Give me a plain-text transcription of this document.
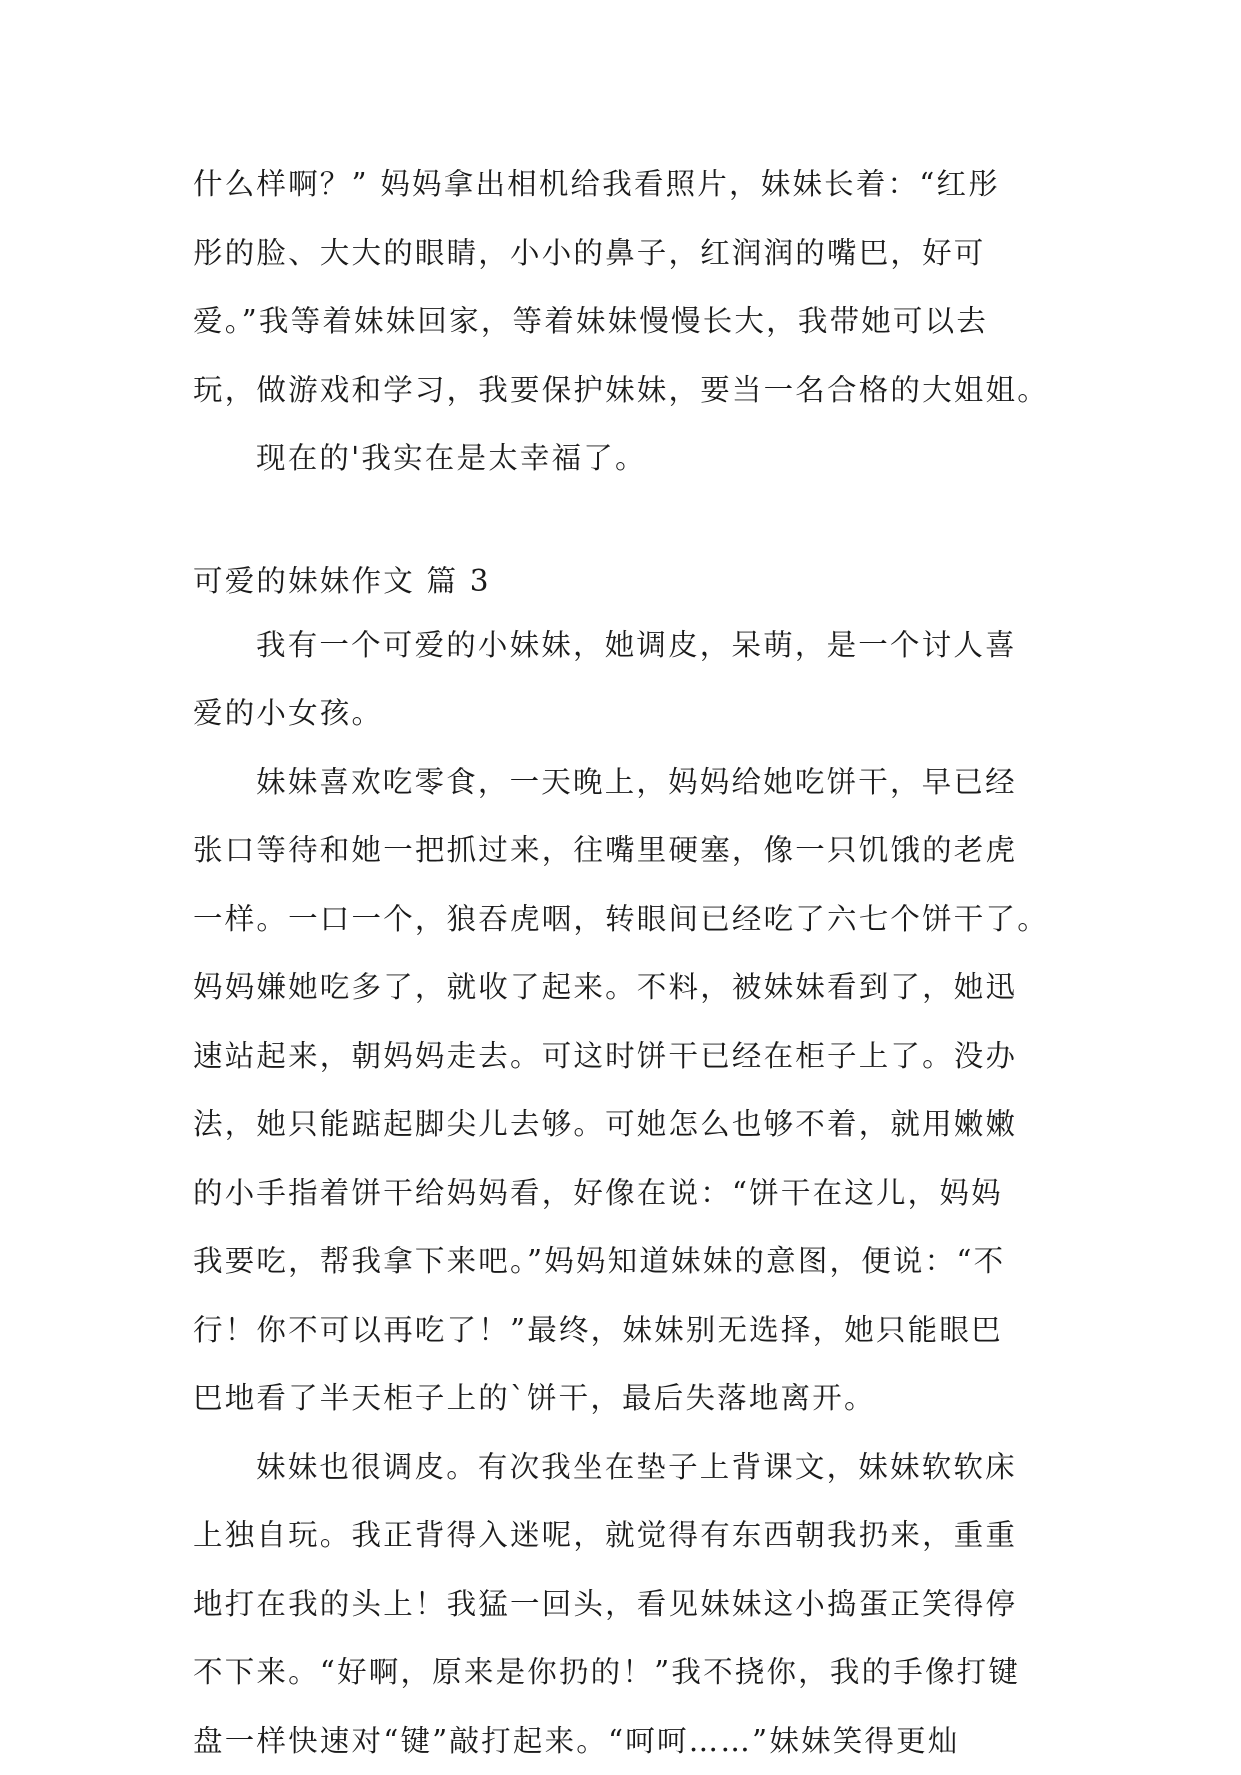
什么样啊？” 妈妈拿出相机给我看照片，妹妹长着：“红彤
彤的脸、大大的眼睛，小小的鼻子，红润润的嘴巴，好可
爱。”我等着妹妹回家，等着妹妹慢慢长大，我带她可以去
玩，做游戏和学习，我要保护妹妹，要当一名合格的大姐姐。
现在的'我实在是太幸福了。
可爱的妹妹作文 篇 3
我有一个可爱的小妹妹，她调皮，呆萌，是一个讨人喜
爱的小女孩。
妹妹喜欢吃零食，一天晚上，妈妈给她吃饼干，早已经
张口等待和她一把抓过来，往嘴里硬塞，像一只饥饿的老虎
一样。一口一个，狼吞虎咽，转眼间已经吃了六七个饼干了。
妈妈嫌她吃多了，就收了起来。不料，被妹妹看到了，她迅
速站起来，朝妈妈走去。可这时饼干已经在柜子上了。没办
法，她只能踮起脚尖儿去够。可她怎么也够不着，就用嫩嫩
的小手指着饼干给妈妈看，好像在说：“饼干在这儿，妈妈
我要吃，帮我拿下来吧。”妈妈知道妹妹的意图，便说：“不
行！你不可以再吃了！”最终，妹妹别无选择，她只能眼巴
巴地看了半天柜子上的`饼干，最后失落地离开。
妹妹也很调皮。有次我坐在垫子上背课文，妹妹软软床
上独自玩。我正背得入迷呢，就觉得有东西朝我扔来，重重
地打在我的头上！我猛一回头，看见妹妹这小捣蛋正笑得停
不下来。“好啊，原来是你扔的！”我不挠你，我的手像打键
盘一样快速对“键”敲打起来。“呵呵……”妹妹笑得更灿
